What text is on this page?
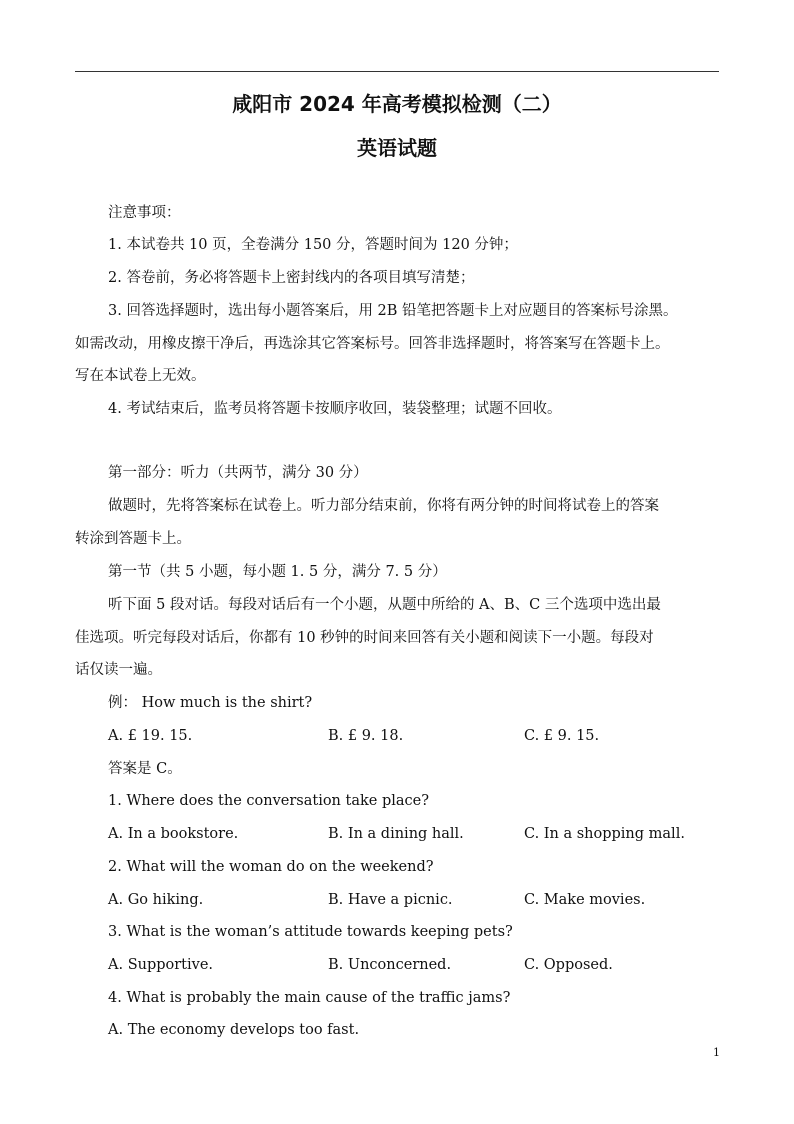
咸阳市 2024 年高考模拟检测（二）
英语试题
注意事项：
1. 本试卷共 10 页，全卷满分 150 分，答题时间为 120 分钟；
2. 答卷前，务必将答题卡上密封线内的各项目填写清楚；
3. 回答选择题时，选出每小题答案后，用 2B 铅笔把答题卡上对应题目的答案标号涂黑。
如需改动，用橡皮擦干净后，再选涂其它答案标号。回答非选择题时，将答案写在答题卡上。
写在本试卷上无效。
4. 考试结束后，监考员将答题卡按顺序收回，装袋整理；试题不回收。
第一部分：听力（共两节，满分 30 分）
做题时，先将答案标在试卷上。听力部分结束前，你将有两分钟的时间将试卷上的答案
转涂到答题卡上。
第一节（共 5 小题，每小题 1. 5 分，满分 7. 5 分）
听下面 5 段对话。每段对话后有一个小题，从题中所给的 A、B、C 三个选项中选出最
佳选项。听完每段对话后，你都有 10 秒钟的时间来回答有关小题和阅读下一小题。每段对
话仅读一遍。
例： How much is the shirt?
A. £ 19. 15.	B. £ 9. 18.	C. £ 9. 15.
答案是 C。
1. Where does the conversation take place?
A. In a bookstore.	B. In a dining hall.	C. In a shopping mall.
2. What will the woman do on the weekend?
A. Go hiking.	B. Have a picnic.	C. Make movies.
3. What is the woman’s attitude towards keeping pets?
A. Supportive.	B. Unconcerned.	C. Opposed.
4. What is probably the main cause of the traffic jams?
A. The economy develops too fast.
1
